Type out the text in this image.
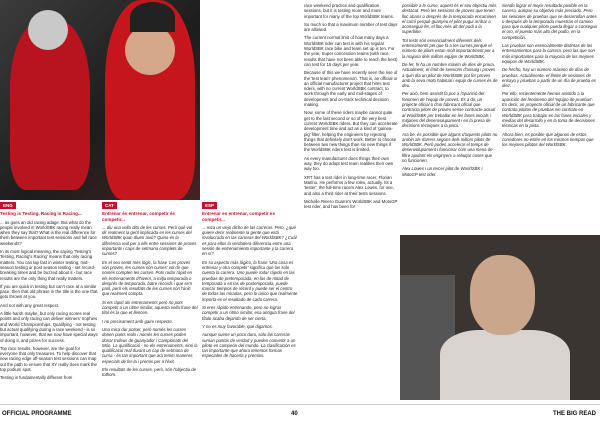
ENG

Testing is Testing, Racing is Racing...

... as goes an old racing adage. But what do the people involved in WorldSBK racing really mean when they say that? What is the real difference for them between important test sessions and full race weekends?

In its most logical meaning, the saying 'Testing's Testing, Racing's Racing' means that only racing matters. You can lap fast in winter testing, mid-season testing or post season testing - set record-breaking times and be buzzed about it - but race results are the only thing that really matters.

If you are quick in testing but can't race at a similar pace, then that old phrase in the title is the one that gets thrown at you.

And not with any great respect.

A little harsh maybe, but only racing scores real points and only racing can deliver winners' trophies and World Championships. Qualifying - not testing but actual qualifying during a race weekend - is so important, however, that we now have special ways of doing it, and prizes for success.

Top race results, however, are the goal for everyone that only treasures. To help discover that new racing edge off-season test sessions can map out the path to ensure that XY really does mark the top podium spot.

Testing is fundamentally different from

CAT

Entrenar és entrenar, competir és competir...

... diu una vella dita de les curses. Però què vol dir realment la gent implicada en les curses del WorldSBK quan diuen això? Quina és la diferència real per a ells entre sessions de proves importants i caps de setmana complets de curses?

En el seu sentit més lògic, la frase 'Les proves són proves, les curses són curses' vol dir que només compten les curses. Pots rodar ràpid en els entrenaments d'hivern, a mitja temporada o després de temporada, batre rècords i que se'n parli, però els resultats de les curses són l'únic que realment compta.

Si ets ràpid als entrenaments però no pots competir a un ritme similar, aquesta vella frase del títol és la que et llencen.

I no precisament amb gaire respecte.

Una mica dur potser, però només les curses donen punts reals i només les curses poden donar trofeus de guanyador i Campionats del Món. La qualificació - no els entrenaments, sinó la qualificació real durant un cap de setmana de cursa - és tan important que ara tenim maneres especials de fer-la i premis per a l'èxit.

Els resultats de les curses, però, són l'objectiu de tothom.

ESP

Entrenar es entrenar, competir es competir...

... reza un viejo dicho de las carreras. Pero, ¿qué quiere decir realmente la gente que está involucrada en las carreras del WorldSBK? ¿Cuál es para ellos la verdadera diferencia entre una sesión de entrenamiento importante y la carrera en sí?

En su aspecto más lógico, la frase 'Una cosa es entrenar y otra competir' significa que las solo cuenta la carrera. Uno puede rodar rápido en las pruebas de pretemporada, en las de mitad de temporada o en las de postemporada, puede marcar tiempos de récord y puede ser el centro de todas las miradas, pero lo único que realmente importa es el resultado de cada carrera.

Si eres rápido entrenando, pero no logras competir a un ritmo similar, esa antigua frase del título acaba dejando de ser cierta.

Y no es muy favorable, que digamos.

Aunque suene un poco duro, solo las carreras suman puntos de verdad y pueden convertir a un piloto en campeón del mundo. La clasificación es tan importante que ahora tenemos formas especiales de hacerla y premios.

race weekend practice and qualification sessions, but it is testing more and more important for many of the top WorldSBK teams.

So much so that a maximum number of test days are allowed.

The current normal limit of how many days a WorldSBK rider can test is with his regular WorldSBK race bike and team set up is ten. For the year, Super concession teams (with race results that have not been able to reach the best) can test for 15 days per year.

Because of this we have recently seen the rise of the 'test team' phenomenon. That is, an official or an official manufacturer project that hires test riders, with no current WorldSBK contract, to work through the early and mid-stages of development and on-track technical decision making.

Now, some of these riders maybe cannot quite get to the last second or so of the very best current WorldSBK riders. But they can accelerate development time and act as a kind of 'guinea-pig' filter, helping the engineers by rejecting things that definitely don't work. Better to choose between two new things than six new things if the WorldSBK riders test is limited.

As every manufacturer does things their own way, they do adopt test team realities their own way too.

XRT has a test rider in long-time racer, Florian Marino. He performs a few roles, actually. Its a 'tester', the full-time racers Alex Lowes, for one, and also a third rider at their tests sessions.

Michelle Rinero Guarre's WorldSBK and MotoGP test rider, and has been for

possible a le curse, aquest és el seu objectiu més destacat. Però les sessions de proves que tenen lloc abans o després de la temporada encaminen el camí perquè guanyeu el pilot pugui arribar a aconseguir fer, el lloc més alt del podi a la superbike.

Tot tests són essencialment diferents dels entrenaments pel que fa a les curses perquè el número de pilots estan molt importantment per a la majoria dels millors equips de WorldSBK.

De fet, hi ha un nombre màxim de dies de prova. Actualment, el límit de sessions d'assaig i proves a quin dia un pilot de WorldSBK pot fer proves amb la seva moto habitual i equip de curses és de deu.

Per això, hem assistit fa poc a l'aparició del fenomen de l'equip de proves. És a dir, un projecte oficial o d'un fabricant oficial que contracta pilots de proves sense contracte actual al WorldSBK per treballar en les fases inicials i mitjanes del desenvolupament i en la presa de decisions tècniques a la pista.

Ara bé, és possible que alguns d'aquests pilots no arribin als darrers segons dels millors pilots de WorldSBK. Però poden accelerar el temps de desenvolupament i funcionar com una mena de filtre ajudant els enginyers a rebutjar coses que no funcionen.

Alex Lowes i un tercer pilot de WorldSBK i MotoGP test rider.

siendo lograr el mejor resultado posible en la carrera, aunque su objetivo más preciado. Pero las sesiones de pruebas que se desarrollan antes o después de la temporada muestran el camino para que cualquier piloto pueda llegar a conseguir el oro, el puesto más alto del podio, en la competición.

Las pruebas son esencialmente distintas de los entrenamientos para la carrera, pero las que son más importantes para la mayoría de los mejores equipos de WorldSBK.

De hecho, hay un número máximo de días de pruebas. Actualmente, el límite de sesiones de ensayo y pruebas a partir de un día de prueba es diez.

Por ello, recientemente hemos asistido a la aparición del fenómeno del 'equipo de pruebas'. Es decir, un proyecto oficial de un fabricante que contrata pilotos de pruebas sin contrato en WorldSBK para trabajar en las fases iniciales y medias del desarrollo y en la toma de decisiones técnicas en la pista.

Ahora bien, es posible que algunos de estos corredores no estén en los mismos tiempos que los mejores pilotos del WorldSBK.

OFFICIAL PROGRAMME	40	THE BIG READ
